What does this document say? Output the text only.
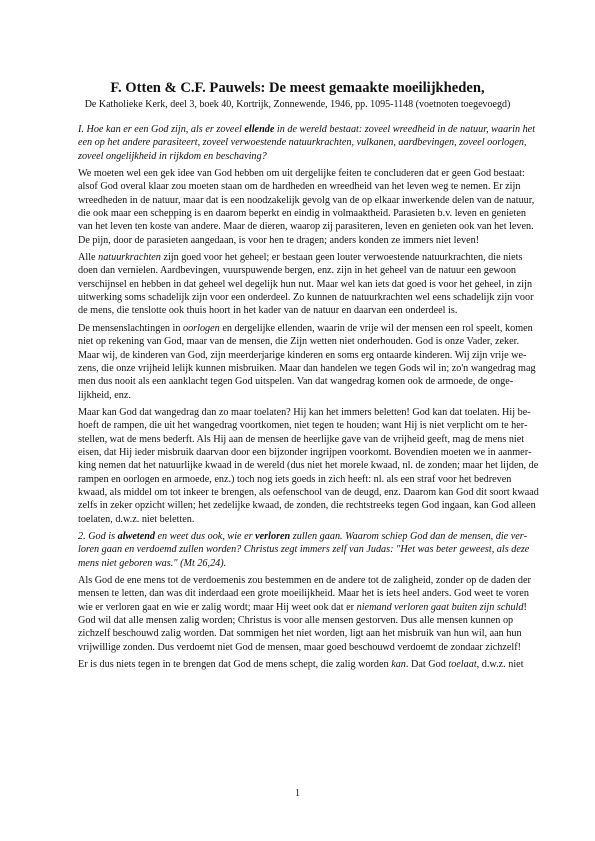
F. Otten & C.F. Pauwels: De meest gemaakte moeilijkheden,
De Katholieke Kerk, deel 3, boek 40, Kortrijk, Zonnewende, 1946, pp. 1095-1148 (voetnoten toegevoegd)

I. Hoe kan er een God zijn, als er zoveel ellende in de wereld bestaat: zoveel wreedheid in de natuur, waarin het een op het andere parasiteert, zoveel verwoestende natuurkrachten, vulkanen, aardbevingen, zoveel oorlogen, zoveel ongelijkheid in rijkdom en beschaving?

We moeten wel een gek idee van God hebben om uit dergelijke feiten te concluderen dat er geen God bestaat: alsof God overal klaar zou moeten staan om de hardheden en wreedheid van het leven weg te nemen. Er zijn wreedheden in de natuur, maar dat is een noodzakelijk gevolg van de op elkaar inwerkende delen van de natuur, die ook maar een schepping is en daarom beperkt en eindig in volmaaktheid. Parasieten b.v. leven en genieten van het leven ten koste van andere. Maar de dieren, waarop zij parasiteren, leven en genieten ook van het leven. De pijn, door de parasieten aangedaan, is voor hen te dragen; anders konden ze immers niet leven!

Alle natuurkrachten zijn goed voor het geheel; er bestaan geen louter verwoestende natuurkrachten, die niets doen dan vernielen. Aardbevingen, vuurspuwende bergen, enz. zijn in het geheel van de natuur een gewoon verschijnsel en hebben in dat geheel wel degelijk hun nut. Maar wel kan iets dat goed is voor het geheel, in zijn uitwerking soms schadelijk zijn voor een onderdeel. Zo kunnen de natuurkrachten wel eens schadelijk zijn voor de mens, die tenslotte ook thuis hoort in het kader van de natuur en daarvan een onderdeel is.

De mensenslachtingen in oorlogen en dergelijke ellenden, waarin de vrije wil der mensen een rol speelt, komen niet op rekening van God, maar van de mensen, die Zijn wetten niet onderhouden. God is onze Vader, zeker. Maar wij, de kinderen van God, zijn meerderjarige kinderen en soms erg ontaarde kinderen. Wij zijn vrije wezens, die onze vrijheid lelijk kunnen misbruiken. Maar dan handelen we tegen Gods wil in; zo'n wangedrag mag men dus nooit als een aanklacht tegen God uitspelen. Van dat wangedrag komen ook de armoede, de ongelijkheid, enz.

Maar kan God dat wangedrag dan zo maar toelaten? Hij kan het immers beletten! God kan dat toelaten. Hij behoeft de rampen, die uit het wangedrag voortkomen, niet tegen te houden; want Hij is niet verplicht om te herstellen, wat de mens bederft. Als Hij aan de mensen de heerlijke gave van de vrijheid geeft, mag de mens niet eisen, dat Hij ieder misbruik daarvan door een bijzonder ingrijpen voorkomt. Bovendien moeten we in aanmerking nemen dat het natuurlijke kwaad in de wereld (dus niet het morele kwaad, nl. de zonden; maar het lijden, de rampen en oorlogen en armoede, enz.) toch nog iets goeds in zich heeft: nl. als een straf voor het bedreven kwaad, als middel om tot inkeer te brengen, als oefenschool van de deugd, enz. Daarom kan God dit soort kwaad zelfs in zeker opzicht willen; het zedelijke kwaad, de zonden, die rechtstreeks tegen God ingaan, kan God alleen toelaten, d.w.z. niet beletten.

2. God is alwetend en weet dus ook, wie er verloren zullen gaan. Waarom schiep God dan de mensen, die verloren gaan en verdoemd zullen worden? Christus zegt immers zelf van Judas: "Het was beter geweest, als deze mens niet geboren was." (Mt 26,24).

Als God de ene mens tot de verdoemenis zou bestemmen en de andere tot de zaligheid, zonder op de daden der mensen te letten, dan was dit inderdaad een grote moeilijkheid. Maar het is iets heel anders. God weet te voren wie er verloren gaat en wie er zalig wordt; maar Hij weet ook dat er niemand verloren gaat buiten zijn schuld! God wil dat alle mensen zalig worden; Christus is voor alle mensen gestorven. Dus alle mensen kunnen op zichzelf beschouwd zalig worden. Dat sommigen het niet worden, ligt aan het misbruik van hun wil, aan hun vrijwillige zonden. Dus verdoemt niet God de mensen, maar goed beschouwd verdoemt de zondaar zichzelf!

Er is dus niets tegen in te brengen dat God de mens schept, die zalig worden kan. Dat God toelaat, d.w.z. niet

1
